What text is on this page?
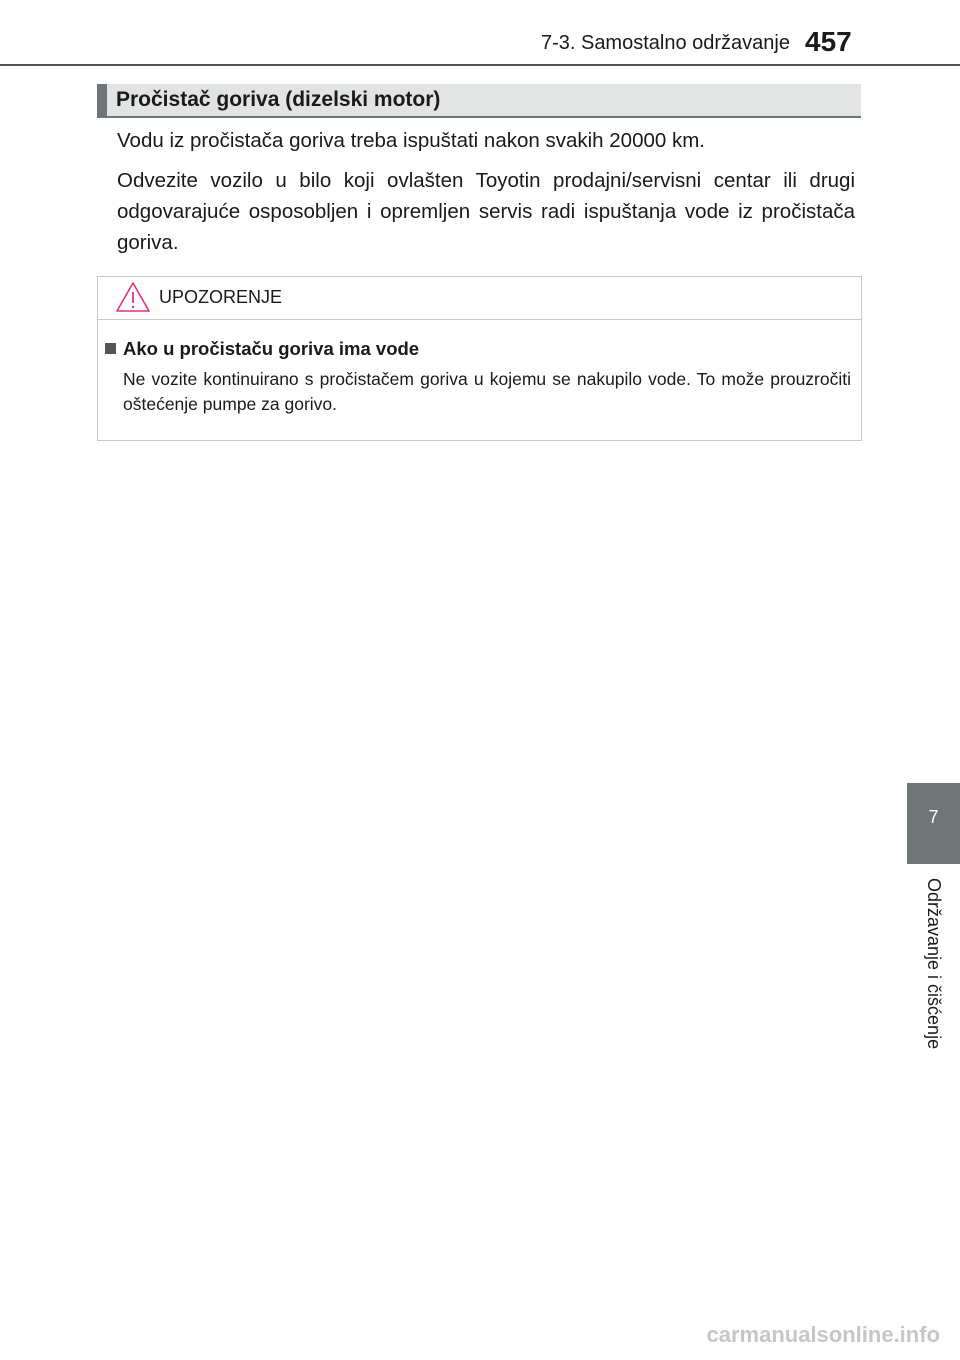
7-3. Samostalno održavanje 457
Pročistač goriva (dizelski motor)
Vodu iz pročistača goriva treba ispuštati nakon svakih 20000 km.
Odvezite vozilo u bilo koji ovlašten Toyotin prodajni/servisni centar ili drugi odgovarajuće osposobljen i opremljen servis radi ispuštanja vode iz pročistača goriva.
UPOZORENJE
Ako u pročistaču goriva ima vode
Ne vozite kontinuirano s pročistačem goriva u kojemu se nakupilo vode. To može prouzročiti oštećenje pumpe za gorivo.
7
Održavanje i čišćenje
carmanualsonline.info
